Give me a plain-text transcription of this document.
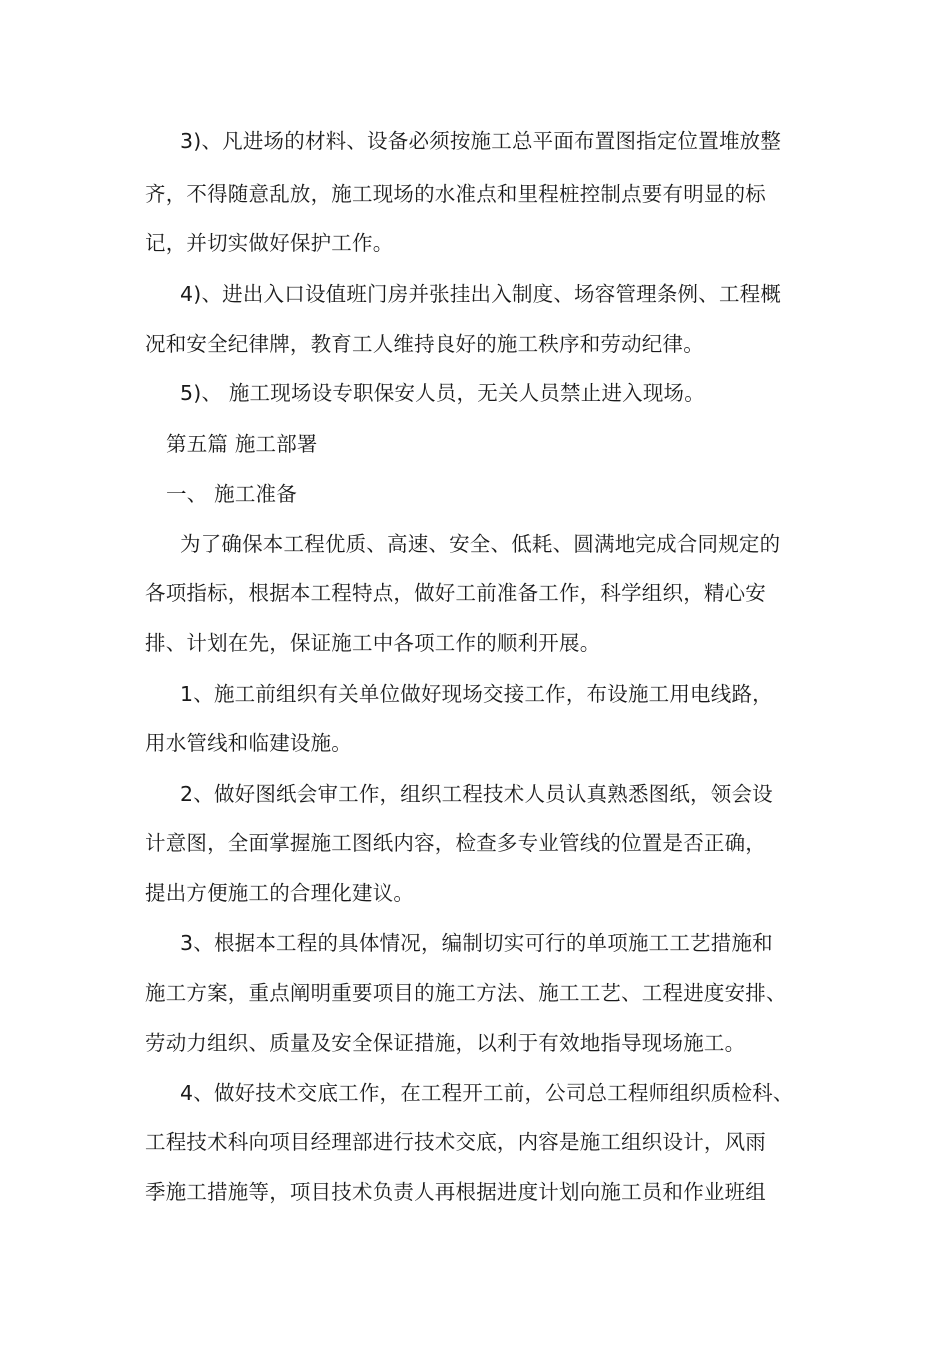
3)、凡进场的材料、设备必须按施工总平面布置图指定位置堆放整
齐，不得随意乱放，施工现场的水准点和里程桩控制点要有明显的标
记，并切实做好保护工作。
4)、进出入口设值班门房并张挂出入制度、场容管理条例、工程概
况和安全纪律牌，教育工人维持良好的施工秩序和劳动纪律。
5)、 施工现场设专职保安人员，无关人员禁止进入现场。
第五篇 施工部署
一、 施工准备
为了确保本工程优质、高速、安全、低耗、圆满地完成合同规定的
各项指标，根据本工程特点，做好工前准备工作，科学组织，精心安
排、计划在先，保证施工中各项工作的顺利开展。
1、施工前组织有关单位做好现场交接工作，布设施工用电线路，
用水管线和临建设施。
2、做好图纸会审工作，组织工程技术人员认真熟悉图纸，领会设
计意图，全面掌握施工图纸内容，检查多专业管线的位置是否正确，
提出方便施工的合理化建议。
3、根据本工程的具体情况，编制切实可行的单项施工工艺措施和
施工方案，重点阐明重要项目的施工方法、施工工艺、工程进度安排、
劳动力组织、质量及安全保证措施，以利于有效地指导现场施工。
4、做好技术交底工作，在工程开工前，公司总工程师组织质检科、
工程技术科向项目经理部进行技术交底，内容是施工组织设计，风雨
季施工措施等，项目技术负责人再根据进度计划向施工员和作业班组
